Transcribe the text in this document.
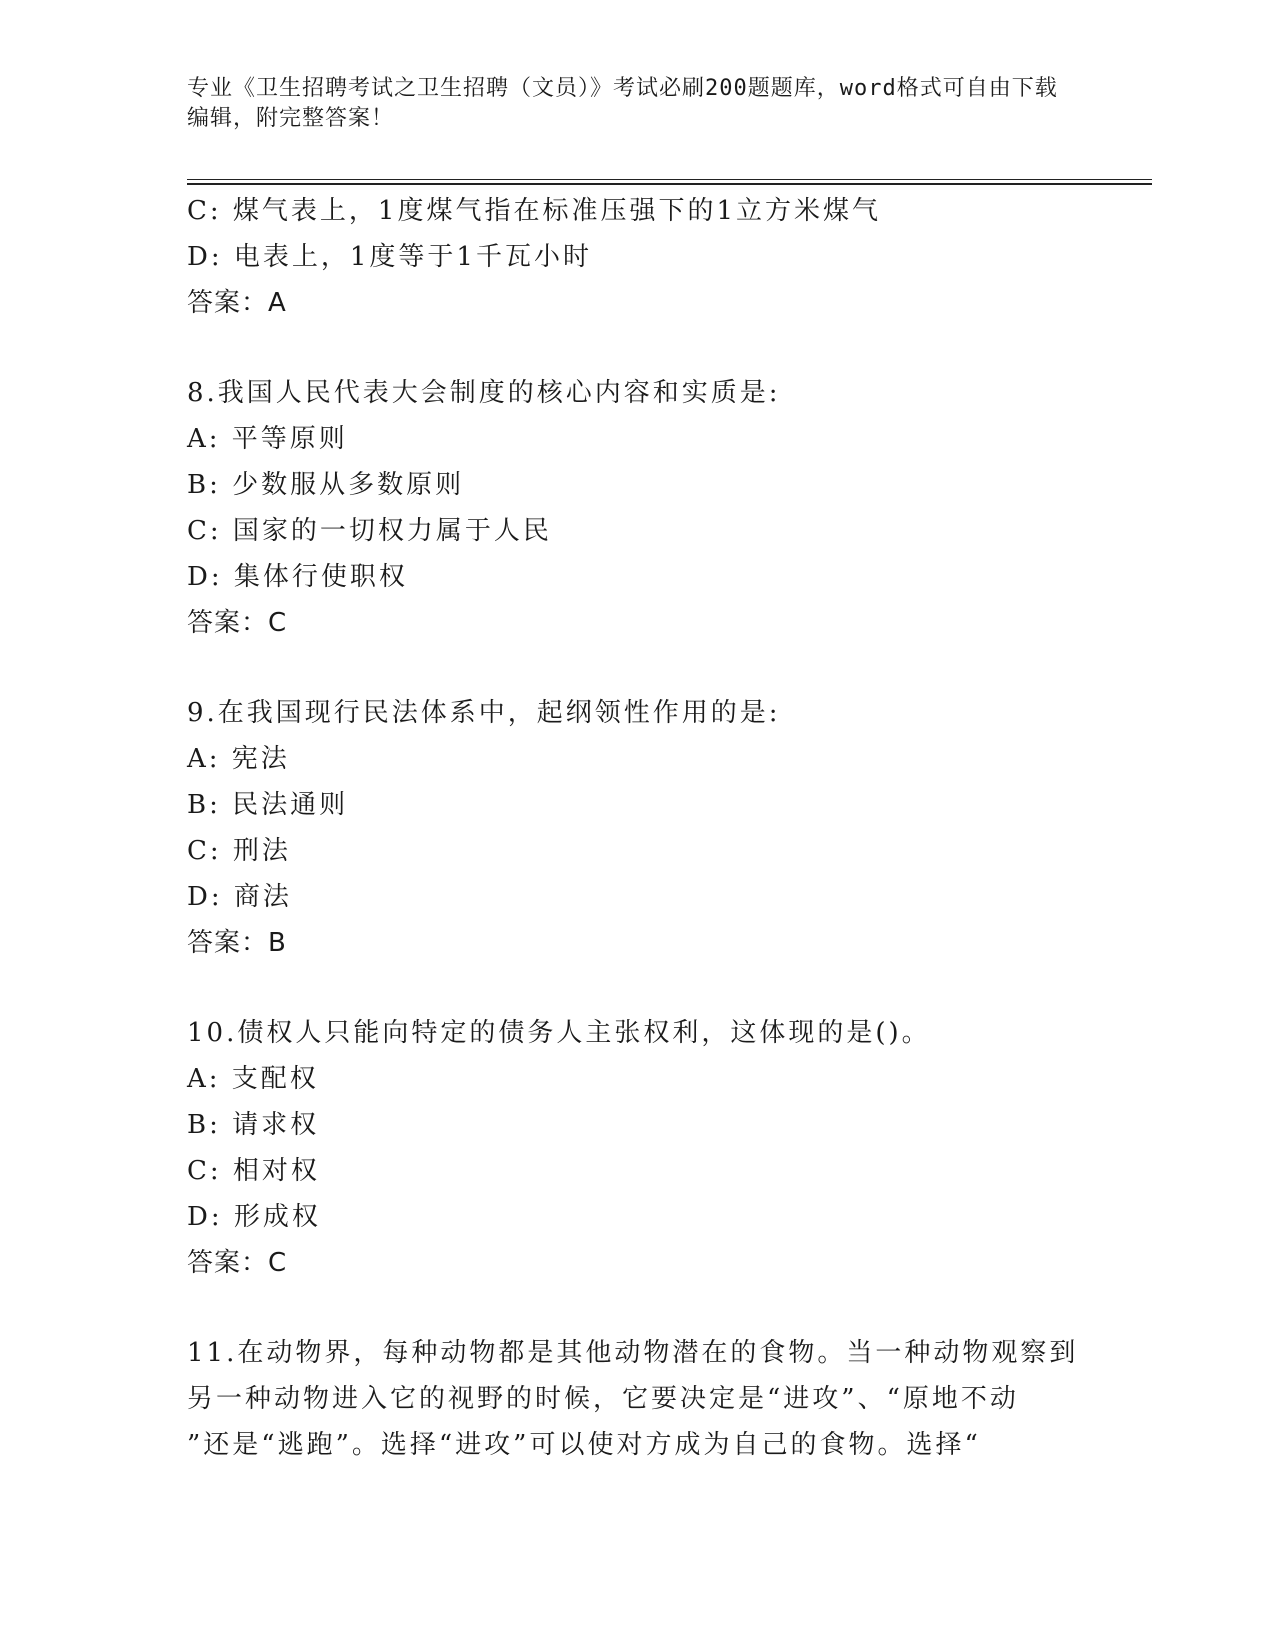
专业《卫生招聘考试之卫生招聘（文员）》考试必刷200题题库，word格式可自由下载编辑，附完整答案！
C: 煤气表上，1度煤气指在标准压强下的1立方米煤气
D: 电表上，1度等于1千瓦小时
答案：A
8.我国人民代表大会制度的核心内容和实质是:
A: 平等原则
B: 少数服从多数原则
C: 国家的一切权力属于人民
D: 集体行使职权
答案：C
9.在我国现行民法体系中，起纲领性作用的是:
A: 宪法
B: 民法通则
C: 刑法
D: 商法
答案：B
10.债权人只能向特定的债务人主张权利，这体现的是()。
A: 支配权
B: 请求权
C: 相对权
D: 形成权
答案：C
11.在动物界，每种动物都是其他动物潜在的食物。当一种动物观察到
另一种动物进入它的视野的时候，它要决定是“进攻”、“原地不动
”还是“逃跑”。选择“进攻”可以使对方成为自己的食物。选择“
